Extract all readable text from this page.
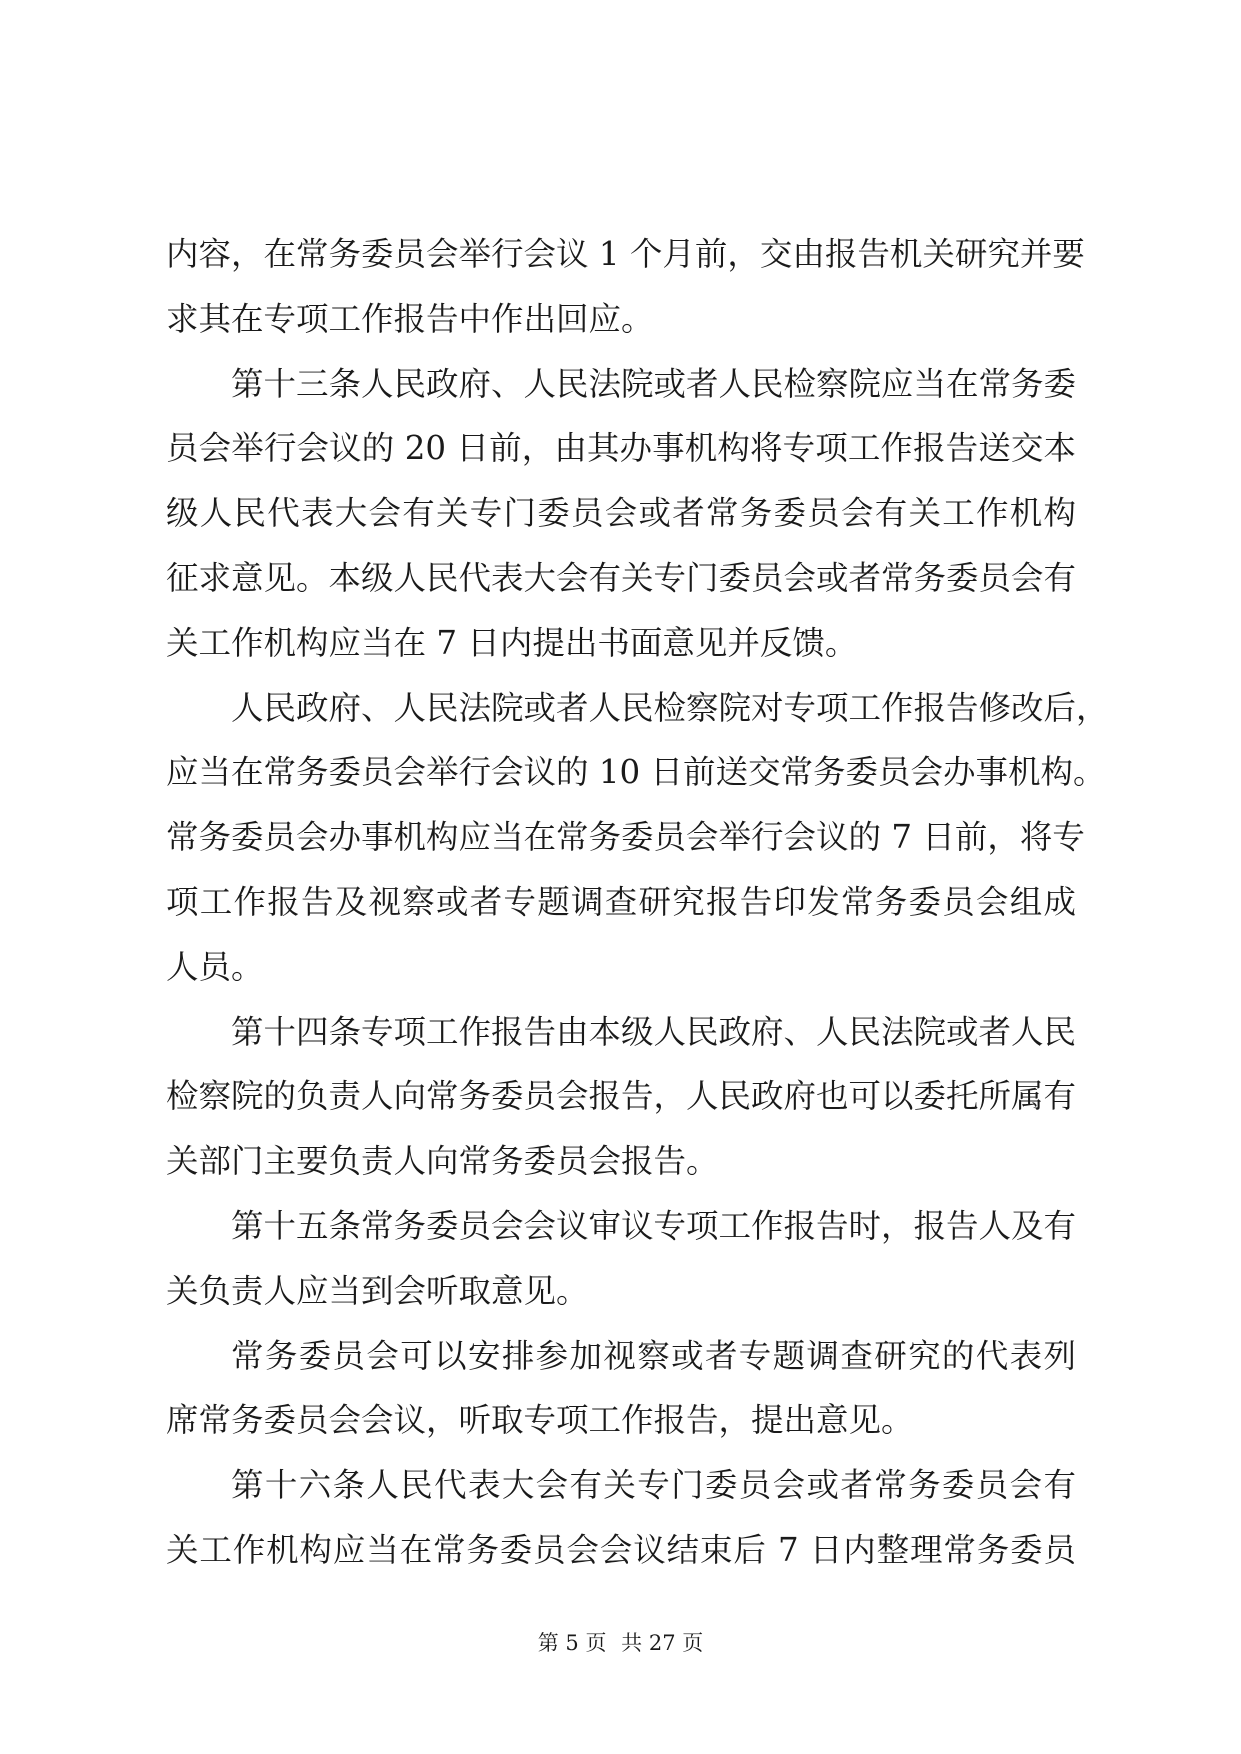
内容，在常务委员会举行会议 1 个月前，交由报告机关研究并要
求其在专项工作报告中作出回应。
第十三条人民政府、人民法院或者人民检察院应当在常务委
员会举行会议的 20 日前，由其办事机构将专项工作报告送交本
级人民代表大会有关专门委员会或者常务委员会有关工作机构
征求意见。本级人民代表大会有关专门委员会或者常务委员会有
关工作机构应当在 7 日内提出书面意见并反馈。
人民政府、人民法院或者人民检察院对专项工作报告修改后，
应当在常务委员会举行会议的 10 日前送交常务委员会办事机构。
常务委员会办事机构应当在常务委员会举行会议的 7 日前，将专
项工作报告及视察或者专题调查研究报告印发常务委员会组成
人员。
第十四条专项工作报告由本级人民政府、人民法院或者人民
检察院的负责人向常务委员会报告，人民政府也可以委托所属有
关部门主要负责人向常务委员会报告。
第十五条常务委员会会议审议专项工作报告时，报告人及有
关负责人应当到会听取意见。
常务委员会可以安排参加视察或者专题调查研究的代表列
席常务委员会会议，听取专项工作报告，提出意见。
第十六条人民代表大会有关专门委员会或者常务委员会有
关工作机构应当在常务委员会会议结束后 7 日内整理常务委员
第 5 页 共 27 页
